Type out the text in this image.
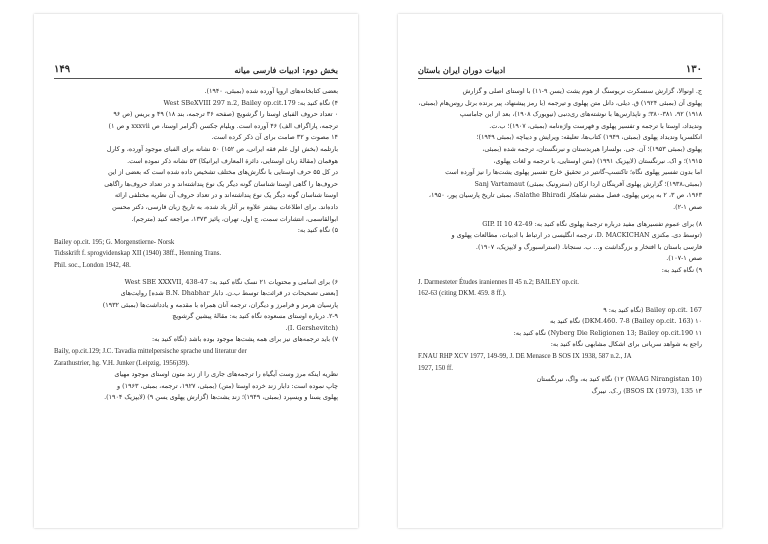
۱۴۹	بخش دوم: ادبیات فارسی میانه
بعضی کتابخانه‌های اروپا آورده شده (بمبئی، ۱۹۴۰).
۴) نگاه کنید به: West SBeXVIII 297 n.2, Bailey op.cit.179
۰ تعداد حروف الفبای اوستا را گرشویچ (صفحه ۳۶ ترجمه، بند ۱۸) ۴۹ و بریس (ص ۹۶
ترجمه، پاراگراف الف) ۴۶ آورده است. ویلیام جکسن (گرامر اوستا، ص xxxvii و ص ۱)
۱۴ مصوت و ۳۲ صامت برای آن ذکر کرده است.
بارتلمه (بخش اول علم فقه ایرانی، ص ۱۵۲) ۵۰ نشانه برای الفبای موجود آورده، و کارل
هوفمان (مقالهٔ زبان اوستایی، دائرة المعارف ایرانیکا) ۵۳ نشانه ذکر نموده است.
در کل ۵۵ حرف اوستایی با نگارش‌های مختلف تشخیص داده شده است که بعضی از این
حروف‌ها را گاهی اوستا شناسان گونه دیگر یک نوع پنداشته‌اند و در تعداد حروف‌ها راگاهی
اوستا شناسان گونه دیگر یک نوع پنداشته‌اند و در تعداد حروف آن نظریه مختلفی ارائه
داده‌اند. برای اطلاعات بیشتر علاوه بر آثار یاد شده، به تاریخ زبان فارسی، دکتر محسن
ابوالقاسمی، انتشارات سمت، چ اول، تهران، پائیز ۱۳۷۳، مراجعه کنید (مترجم).
۵) نگاه کنید به:
Bailey op.cit. 195; G. Morgenstierne- Norsk
Tidsskrift f. sprogvidenskap XII (1940) 38ff., Henning Trans.
Phil. soc., London 1942, 48.
۶) برای اسامی و محتویات ۲۱ نسک نگاه کنید به: West SBE XXXVII, 438-47
[بعضی تصحیحات در قرائت‌ها توسط ب.ن. دابار B.N. Dhabhar شده] روایت‌های
پارسیان هرمز و فرامرز و دیگران، ترجمه آنان همراه با مقدمه و یادداشت‌ها (بمبئی ۱۹۳۲)
۲-۹. درباره اوستای مسعوده نگاه کنید به: مقالهٔ پیشین گرشویچ
(I. Gershevitch).
۷) باید ترجمه‌های نیز برای همه پشت‌ها موجود بوده باشد (نگاه کنید به:
Baily, op.cit.129; J.C. Tavadia mittelpersische sprache und literatur der
Zarathustrier, hg. V.H. Junker (Leipzig, 1956)39).
نظریه اینکه مرز وست آیگیاه را ترجمه‌های جاری را از زند متون اوستای موجود مهیای
چاپ نموده است: دابار زند خرده اوستا (متن) (بمبئی، ۱۹۲۷، ترجمه، بمبئی، ۱۹۶۳) و
پهلوی یسنا و ویسپرد (بمبئی، ۱۹۴۹)؛ زند یشت‌ها (گزارش پهلوی یسن ۹) (لایپزیک ۱۹۰۴).
۱۳۰
ادبیات دوران ایران باستان
ج. اونوالا، گزارش سنسکرت نریوسنگ از هوم یشت (یسن ۹-۱۱) با اوستای اصلی و گزارش
پهلوی آن (بمبئی ۱۹۲۴) ق. دیلی، دانل متن پهلوی و تیرجمه (با رمز پیشنهاد، پیر برنده برتل روس‌هام (بمبئی،
۱۹۱۸) ۹۲، ۳۸۰-۳۸۱؛ و ناپذارس‌ها با نوشته‌های ری‌دنبی (نیویورک ۱۹۰۸)، بعد از این جاماسپ
وندیداد، اوستا با ترجمه و تفسیر پهلوی و فهرست واژه‌نامه (بمبئی، ۱۹۰۷)؛ ب.ت.
انکلسریا وندیداد پهلوی (بمبئی، ۱۹۴۹) کتاب‌ها، تعلیقه: ویرایش و دیباچه (بمبئی ۱۹۴۹)؛
پهلوی (بمبئی ۱۹۵۳)؛ آن. جی. بولسارا هیربدستان و نیرنگستان، ترجمه شده (بمبئی،
۱۹۱۵)؛ و اک. نیرنگستان (لایپزیک ۱۹۹۱) (متن اوستایی، با ترجمه و لغات پهلوی،
اما بدون تفسیر پهلوی نگاه؛ تاکنسپ-گانتیر در تحقیق خارج تفسیر پهلوی یشت‌ها را نیز آورده است
(بمبئی،۱۹۳۸)؛ گزارش پهلوی آفرینگان اردا ارکان (سترونیک بمبئی) Sanj Vartamaut
۱۹۶۳، ص ۳، ۲ به پرس پهلوی، فصل مشتم شاهکار Salathe Bhiradi، بمبئی تاریخ پارسیان پور، ۱۹۵۰،
صص ۱-۲).
۸) برای عموم تفسیرهای مفید درباره ترجمهٔ پهلوی نگاه کنید به: GIP. II 10 42-49
(توسط دی. مکنزی D. MACKICHAN، ترجمه انگلیسی در ارتباط با ادبیات، مطالعات پهلوی و
فارسی باستان با افتخار و بزرگداشت و... ب. سنجانا. (استراسبورگ و لایپزیک، ۱۹۰۷).
صص ۱-۱۰۷).
۹) نگاه کنید به:
J. Darmesteter Études iraniennes II 45 n.2; BAILEY op.cit.
162-63 (citing DKM. 459. 8 ff.).
Bailey op.cit. 167 (نگاه کنید به: ۹
DKM.460. 7-8 (Bailey op.cit. 163) ۱۰) نگاه کنید به
Nyberg Die Religionen 13; Bailey op.cit.190 ۱۱) نگاه کنید به:
راجع به شواهد سریانی برای اشکال مشابهی نگاه کنید به:
F.NAU RHP XCV 1977, 149-99, J. DE Menasce B SOS IX 1938, 587 n.2., JA
1927, 150 ff.
(WAAG Nirangistan 10) ۱۲) نگاه کنید به، واگ، نیرنگستان
BSOS IX (1973), 135 ۱۳) ر.ک. نیبرگ
